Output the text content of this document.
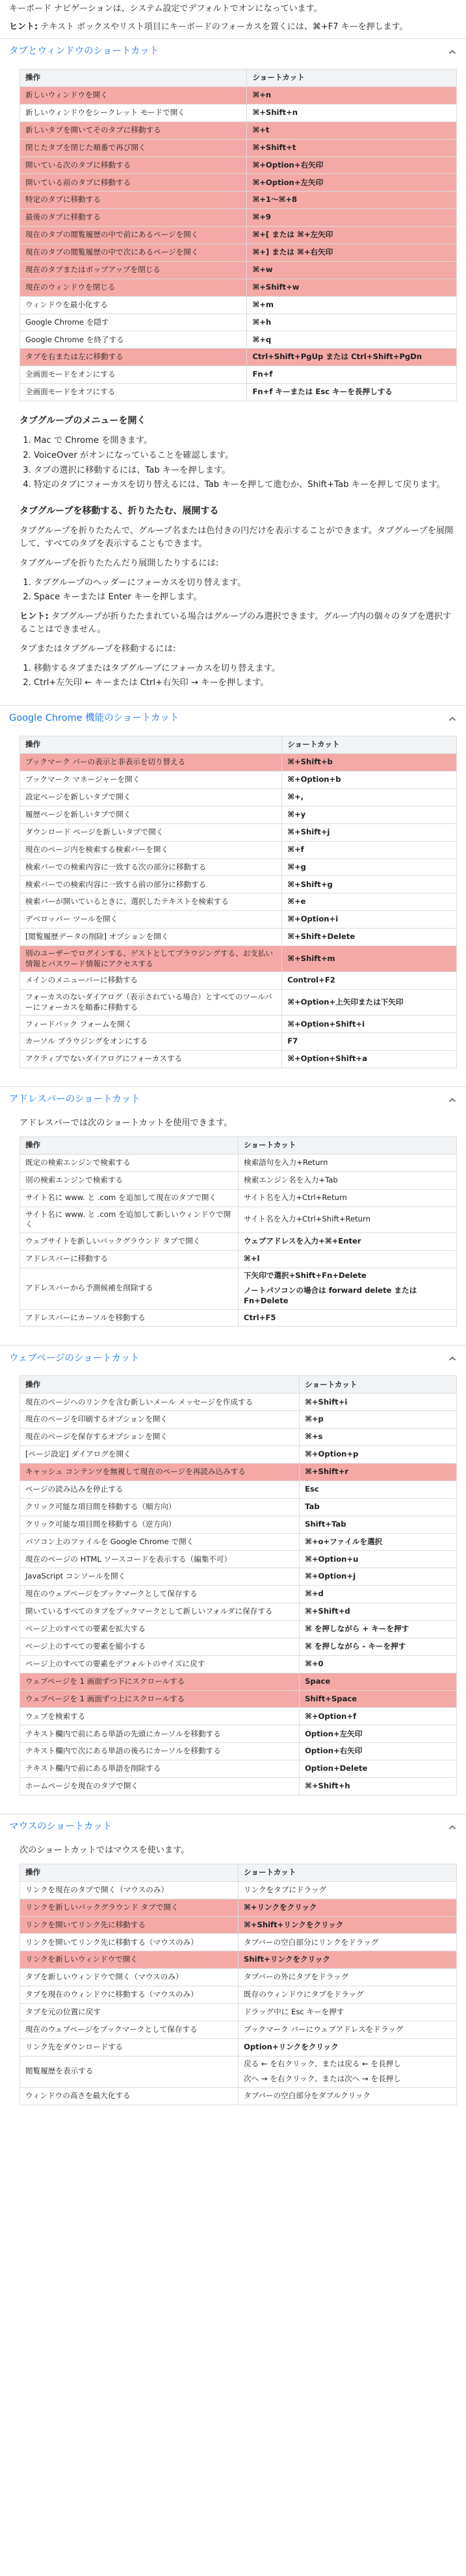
キーボード ナビゲーションは、システム設定でデフォルトでオンになっています。

ヒント: テキスト ボックスやリスト項目にキーボードのフォーカスを置くには、⌘+F7 キーを押します。

タブとウィンドウのショートカット
操作	ショートカット
新しいウィンドウを開く	⌘+n

新しいウィンドウをシークレット モードで開く	⌘+Shift+n

新しいタブを開いてそのタブに移動する	⌘+t

閉じたタブを閉じた順番で再び開く	⌘+Shift+t

開いている次のタブに移動する	⌘+Option+右矢印

開いている前のタブに移動する	⌘+Option+左矢印

特定のタブに移動する	⌘+1～⌘+8

最後のタブに移動する	⌘+9

現在のタブの閲覧履歴の中で前にあるページを開く	⌘+[ または ⌘+左矢印

現在のタブの閲覧履歴の中で次にあるページを開く	⌘+] または ⌘+右矢印

現在のタブまたはポップアップを閉じる	⌘+w

現在のウィンドウを閉じる	⌘+Shift+w

ウィンドウを最小化する	⌘+m

Google Chrome を隠す	⌘+h

Google Chrome を終了する	⌘+q

タブを右または左に移動する	Ctrl+Shift+PgUp または Ctrl+Shift+PgDn

全画面モードをオンにする	Fn+f

全画面モードをオフにする	Fn+f キーまたは Esc キーを長押しする
タブグループのメニューを開く
1. Mac で Chrome を開きます。
2. VoiceOver がオンになっていることを確認します。
3. タブの選択に移動するには、Tab キーを押します。
4. 特定のタブにフォーカスを切り替えるには、Tab キーを押して進むか、Shift+Tab キーを押して戻ります。
タブグループを移動する、折りたたむ、展開する

タブグループを折りたたんで、グループ名または色付きの円だけを表示することができます。タブグループを展開して、すべてのタブを表示することもできます。

タブグループを折りたたんだり展開したりするには:

1. タブグループのヘッダーにフォーカスを切り替えます。
2. Space キーまたは Enter キーを押します。

ヒント: タブグループが折りたたまれている場合はグループのみ選択できます。グループ内の個々のタブを選択することはできません。

タブまたはタブグループを移動するには:

1. 移動するタブまたはタブグループにフォーカスを切り替えます。
2. Ctrl+左矢印 ← キーまたは Ctrl+右矢印 → キーを押します。
Google Chrome 機能のショートカット
操作	ショートカット
ブックマーク バーの表示と非表示を切り替える	⌘+Shift+b

ブックマーク マネージャーを開く	⌘+Option+b

設定ページを新しいタブで開く	⌘+,

履歴ページを新しいタブで開く	⌘+y

ダウンロード ページを新しいタブで開く	⌘+Shift+j

現在のページ内を検索する検索バーを開く	⌘+f

検索バーでの検索内容に一致する次の部分に移動する	⌘+g

検索バーでの検索内容に一致する前の部分に移動する	⌘+Shift+g

検索バーが開いているときに、選択したテキストを検索する	⌘+e

デベロッパー ツールを開く	⌘+Option+i

[閲覧履歴データの削除] オプションを開く	⌘+Shift+Delete

別のユーザーでログインする、ゲストとしてブラウジングする、お支払い情報とパスワード情報にアクセスする	⌘+Shift+m

メインのメニューバーに移動する	Control+F2

フォーカスのないダイアログ（表示されている場合）とすべてのツールバーにフォーカスを順番に移動する	⌘+Option+上矢印または下矢印

フィードバック フォームを開く	⌘+Option+Shift+i

カーソル ブラウジングをオンにする	F7

アクティブでないダイアログにフォーカスする	⌘+Option+Shift+a
アドレスバーのショートカット

アドレスバーでは次のショートカットを使用できます。

操作	ショートカット
既定の検索エンジンで検索する	検索語句を入力+Return

別の検索エンジンで検索する	検索エンジン名を入力+Tab

サイト名に www. と .com を追加して現在のタブで開く	サイト名を入力+Ctrl+Return

サイト名に www. と .com を追加して新しいウィンドウで開く	サイト名を入力+Ctrl+Shift+Return

ウェブサイトを新しいバックグラウンド タブで開く	ウェブアドレスを入力+⌘+Enter

アドレスバーに移動する	⌘+l

アドレスバーから予測候補を削除する	下矢印で選択+Shift+Fn+Delete
ノートパソコンの場合は forward delete または Fn+Delete

アドレスバーにカーソルを移動する	Ctrl+F5
ウェブページのショートカット
操作	ショートカット
現在のページへのリンクを含む新しいメール メッセージを作成する	⌘+Shift+i

現在のページを印刷するオプションを開く	⌘+p

現在のページを保存するオプションを開く	⌘+s

[ページ設定] ダイアログを開く	⌘+Option+p

キャッシュ コンテンツを無視して現在のページを再読み込みする	⌘+Shift+r

ページの読み込みを停止する	Esc

クリック可能な項目間を移動する（順方向）	Tab

クリック可能な項目間を移動する（逆方向）	Shift+Tab

パソコン上のファイルを Google Chrome で開く	⌘+o+ファイルを選択

現在のページの HTML ソースコードを表示する（編集不可）	⌘+Option+u

JavaScript コンソールを開く	⌘+Option+j

現在のウェブページをブックマークとして保存する	⌘+d

開いているすべてのタブをブックマークとして新しいフォルダに保存する	⌘+Shift+d

ページ上のすべての要素を拡大する	⌘ を押しながら + キーを押す

ページ上のすべての要素を縮小する	⌘ を押しながら - キーを押す

ページ上のすべての要素をデフォルトのサイズに戻す	⌘+0

ウェブページを 1 画面ずつ下にスクロールする	Space

ウェブページを 1 画面ずつ上にスクロールする	Shift+Space

ウェブを検索する	⌘+Option+f

テキスト欄内で前にある単語の先頭にカーソルを移動する	Option+左矢印

テキスト欄内で次にある単語の後ろにカーソルを移動する	Option+右矢印

テキスト欄内で前にある単語を削除する	Option+Delete

ホームページを現在のタブで開く	⌘+Shift+h
マウスのショートカット

次のショートカットではマウスを使います。

操作	ショートカット
リンクを現在のタブで開く（マウスのみ）	リンクをタブにドラッグ

リンクを新しいバックグラウンド タブで開く	⌘+リンクをクリック

リンクを開いてリンク先に移動する	⌘+Shift+リンクをクリック

リンクを開いてリンク先に移動する（マウスのみ）	タブバーの空白部分にリンクをドラッグ

リンクを新しいウィンドウで開く	Shift+リンクをクリック

タブを新しいウィンドウで開く（マウスのみ）	タブバーの外にタブをドラッグ

タブを現在のウィンドウに移動する（マウスのみ）	既存のウィンドウにタブをドラッグ

タブを元の位置に戻す	ドラッグ中に Esc キーを押す

現在のウェブページをブックマークとして保存する	ブックマーク バーにウェブアドレスをドラッグ

リンク先をダウンロードする	Option+リンクをクリック

閲覧履歴を表示する	戻る ← を右クリック、または戻る ← を長押し
次へ → を右クリック、または次へ → を長押し

ウィンドウの高さを最大化する	タブバーの空白部分をダブルクリック
